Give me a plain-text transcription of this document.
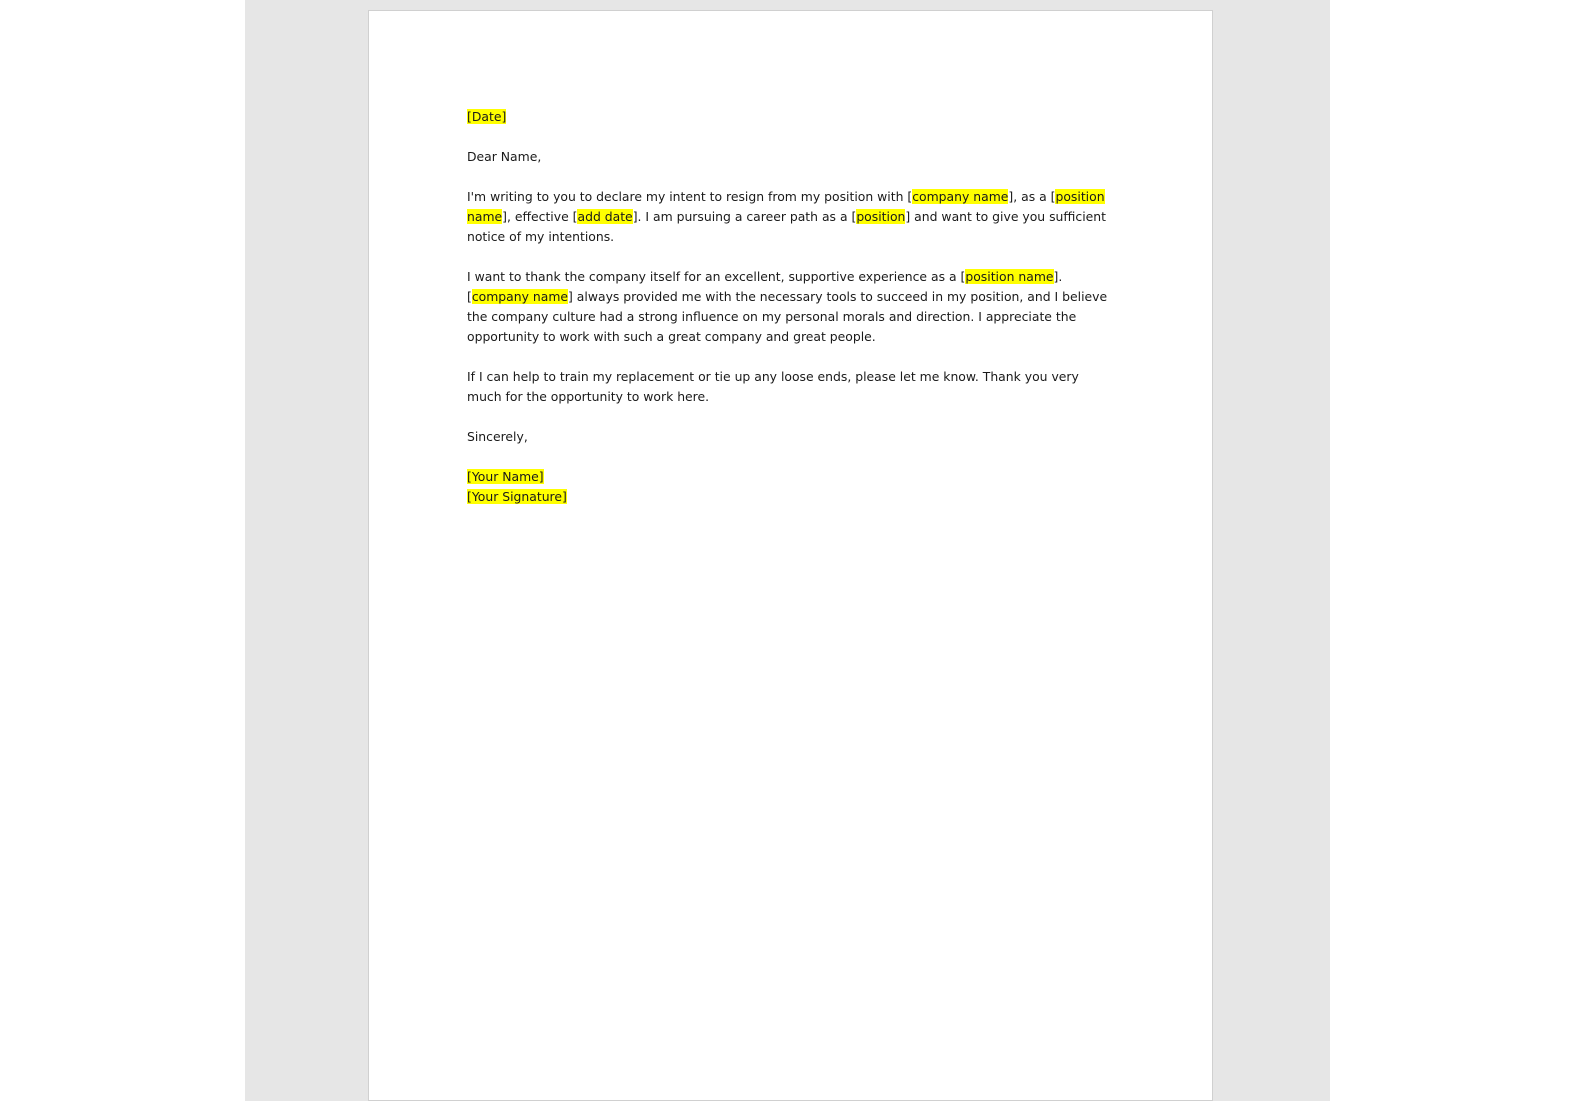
[Date]

Dear Name,

I'm writing to you to declare my intent to resign from my position with [company name], as a [position name], effective [add date]. I am pursuing a career path as a [position] and want to give you sufficient notice of my intentions.

I want to thank the company itself for an excellent, supportive experience as a [position name]. [company name] always provided me with the necessary tools to succeed in my position, and I believe the company culture had a strong influence on my personal morals and direction. I appreciate the opportunity to work with such a great company and great people.

If I can help to train my replacement or tie up any loose ends, please let me know. Thank you very much for the opportunity to work here.

Sincerely,

[Your Name]

[Your Signature]
